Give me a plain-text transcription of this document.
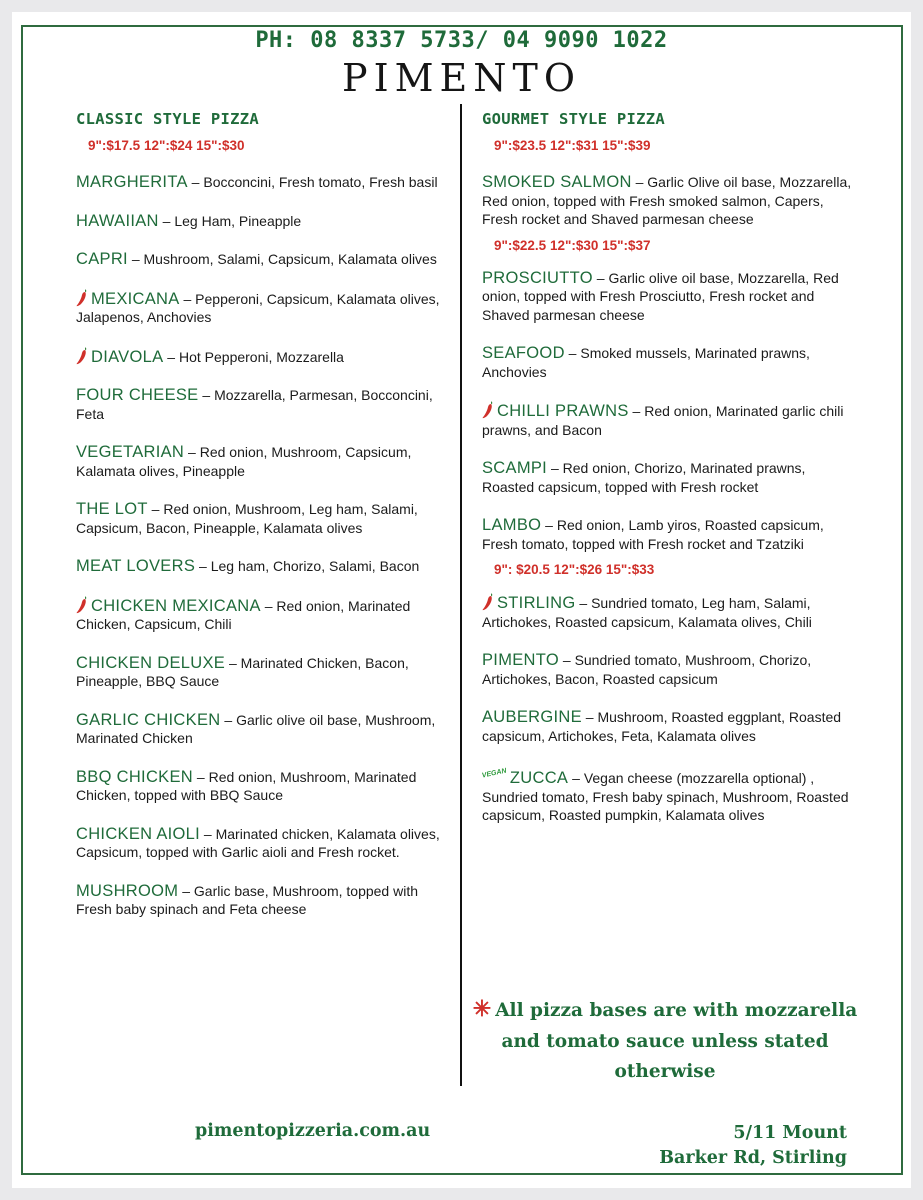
PH: 08 8337 5733/ 04 9090 1022

PIMENTO
CLASSIC STYLE PIZZA
9":$17.5 12":$24 15":$30
MARGHERITA – Bocconcini, Fresh tomato, Fresh basil
HAWAIIAN – Leg Ham, Pineapple
CAPRI – Mushroom, Salami, Capsicum, Kalamata olives
MEXICANA – Pepperoni, Capsicum, Kalamata olives, Jalapenos, Anchovies
DIAVOLA – Hot Pepperoni, Mozzarella
FOUR CHEESE – Mozzarella, Parmesan, Bocconcini, Feta
VEGETARIAN – Red onion, Mushroom, Capsicum, Kalamata olives, Pineapple
THE LOT – Red onion, Mushroom, Leg ham, Salami, Capsicum, Bacon, Pineapple, Kalamata olives
MEAT LOVERS – Leg ham, Chorizo, Salami, Bacon
CHICKEN MEXICANA – Red onion, Marinated Chicken, Capsicum, Chili
CHICKEN DELUXE – Marinated Chicken, Bacon, Pineapple, BBQ Sauce
GARLIC CHICKEN – Garlic olive oil base, Mushroom, Marinated Chicken
BBQ CHICKEN – Red onion, Mushroom, Marinated Chicken, topped with BBQ Sauce
CHICKEN AIOLI – Marinated chicken, Kalamata olives, Capsicum, topped with Garlic aioli and Fresh rocket.
MUSHROOM – Garlic base, Mushroom, topped with Fresh baby spinach and Feta cheese
GOURMET STYLE PIZZA
9":$23.5 12":$31 15":$39
SMOKED SALMON – Garlic Olive oil base, Mozzarella, Red onion, topped with Fresh smoked salmon, Capers, Fresh rocket and Shaved parmesan cheese
9":$22.5 12":$30 15":$37
PROSCIUTTO – Garlic olive oil base, Mozzarella, Red onion, topped with Fresh Prosciutto, Fresh rocket and Shaved parmesan cheese
SEAFOOD – Smoked mussels, Marinated prawns, Anchovies
CHILLI PRAWNS – Red onion, Marinated garlic chili prawns, and Bacon
SCAMPI – Red onion, Chorizo, Marinated prawns, Roasted capsicum, topped with Fresh rocket
LAMBO – Red onion, Lamb yiros, Roasted capsicum, Fresh tomato, topped with Fresh rocket and Tzatziki
9": $20.5 12":$26 15":$33
STIRLING – Sundried tomato, Leg ham, Salami, Artichokes, Roasted capsicum, Kalamata olives, Chili
PIMENTO – Sundried tomato, Mushroom, Chorizo, Artichokes, Bacon, Roasted capsicum
AUBERGINE – Mushroom, Roasted eggplant, Roasted capsicum, Artichokes, Feta, Kalamata olives
VEGAN ZUCCA – Vegan cheese (mozzarella optional) , Sundried tomato, Fresh baby spinach, Mushroom, Roasted capsicum, Roasted pumpkin, Kalamata olives

✳ All pizza bases are with mozzarella and tomato sauce unless stated otherwise

pimentopizzeria.com.au	5/11 Mount
Barker Rd, Stirling
